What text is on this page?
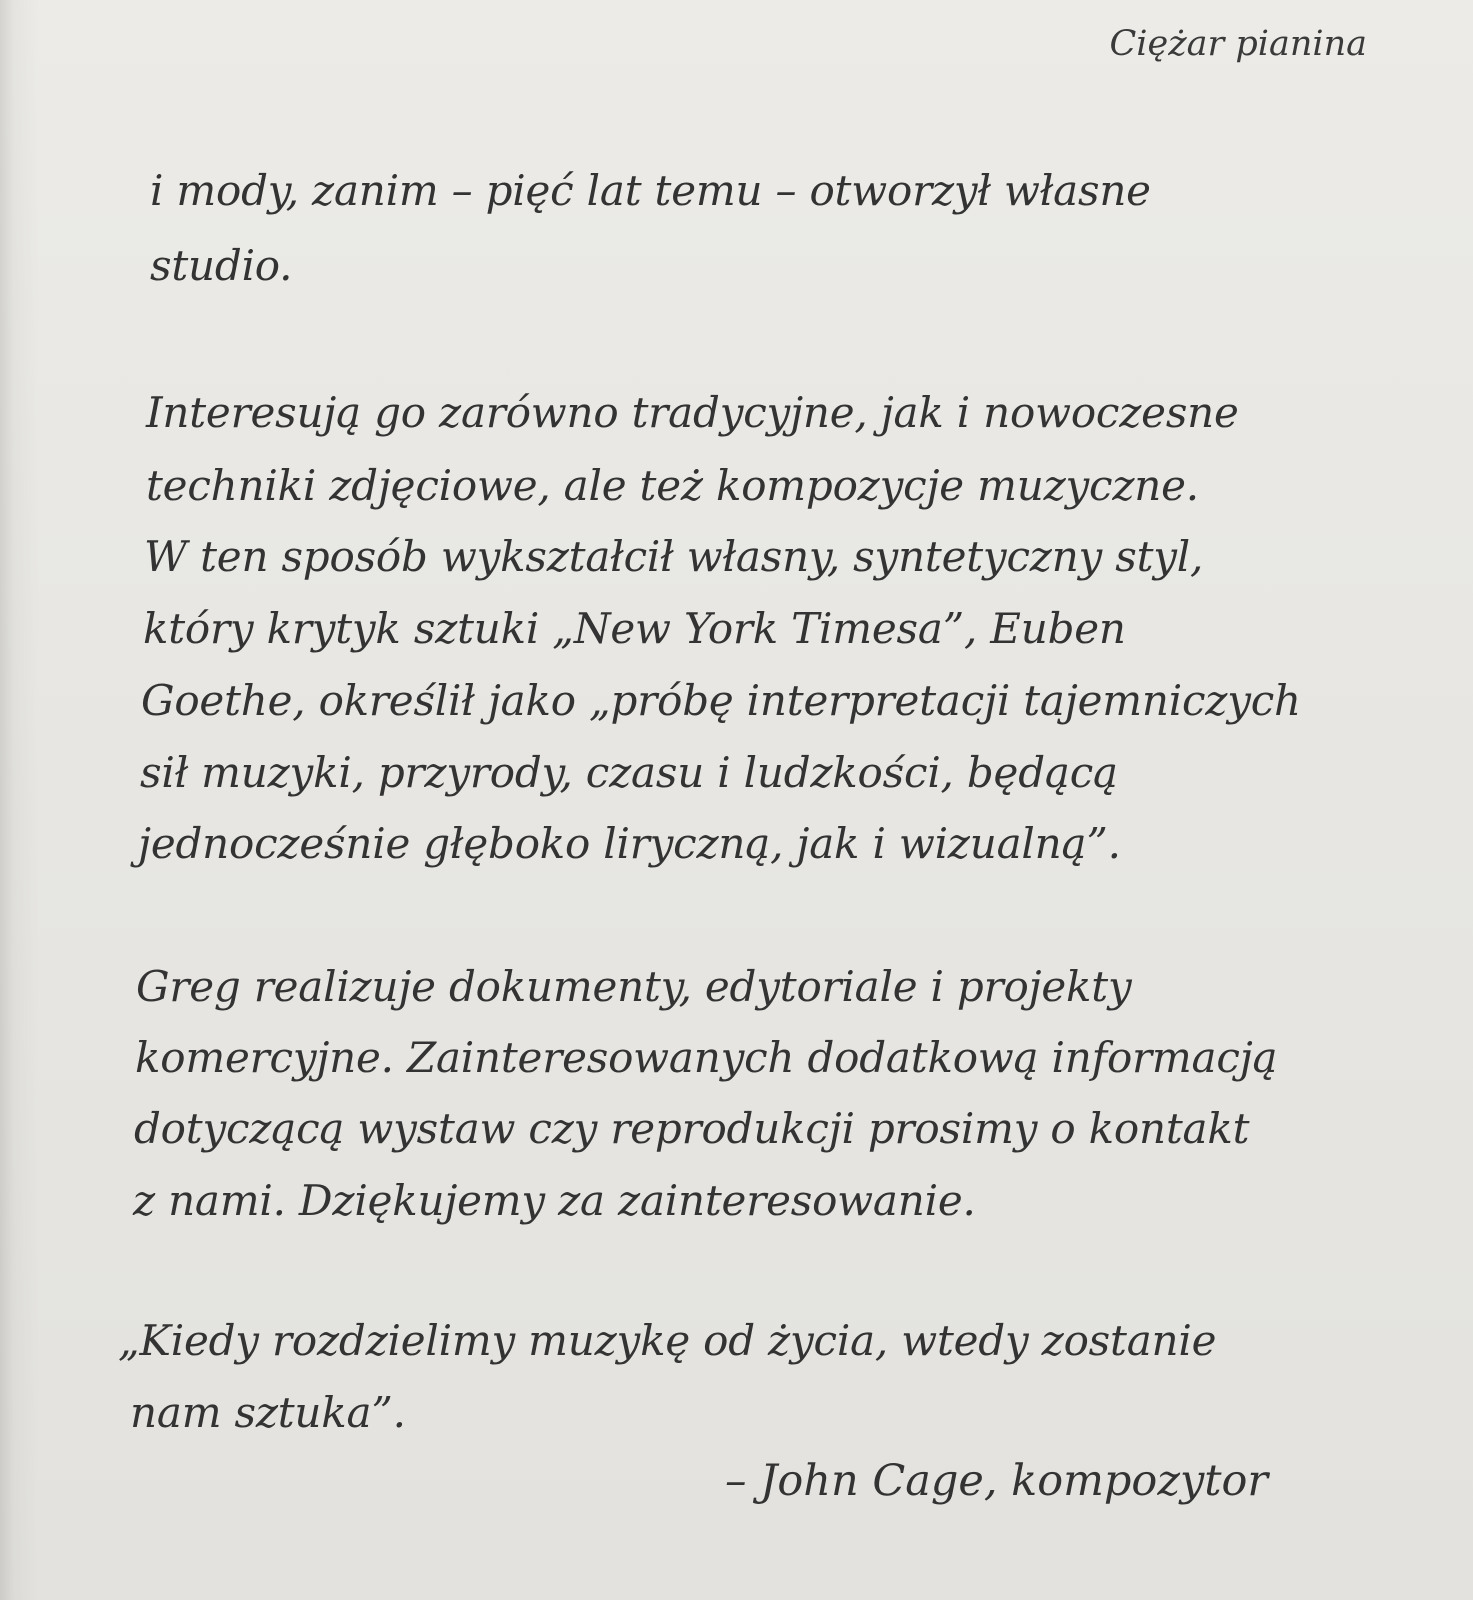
Ciężar pianina
i mody, zanim – pięć lat temu – otworzył własne
studio.
Interesują go zarówno tradycyjne, jak i nowoczesne
techniki zdjęciowe, ale też kompozycje muzyczne.
W ten sposób wykształcił własny, syntetyczny styl,
który krytyk sztuki „New York Timesa”, Euben
Goethe, określił jako „próbę interpretacji tajemniczych
sił muzyki, przyrody, czasu i ludzkości, będącą
jednocześnie głęboko liryczną, jak i wizualną”.
Greg realizuje dokumenty, edytoriale i projekty
komercyjne. Zainteresowanych dodatkową informacją
dotyczącą wystaw czy reprodukcji prosimy o kontakt
z nami. Dziękujemy za zainteresowanie.
„Kiedy rozdzielimy muzykę od życia, wtedy zostanie
nam sztuka”.
– John Cage, kompozytor
